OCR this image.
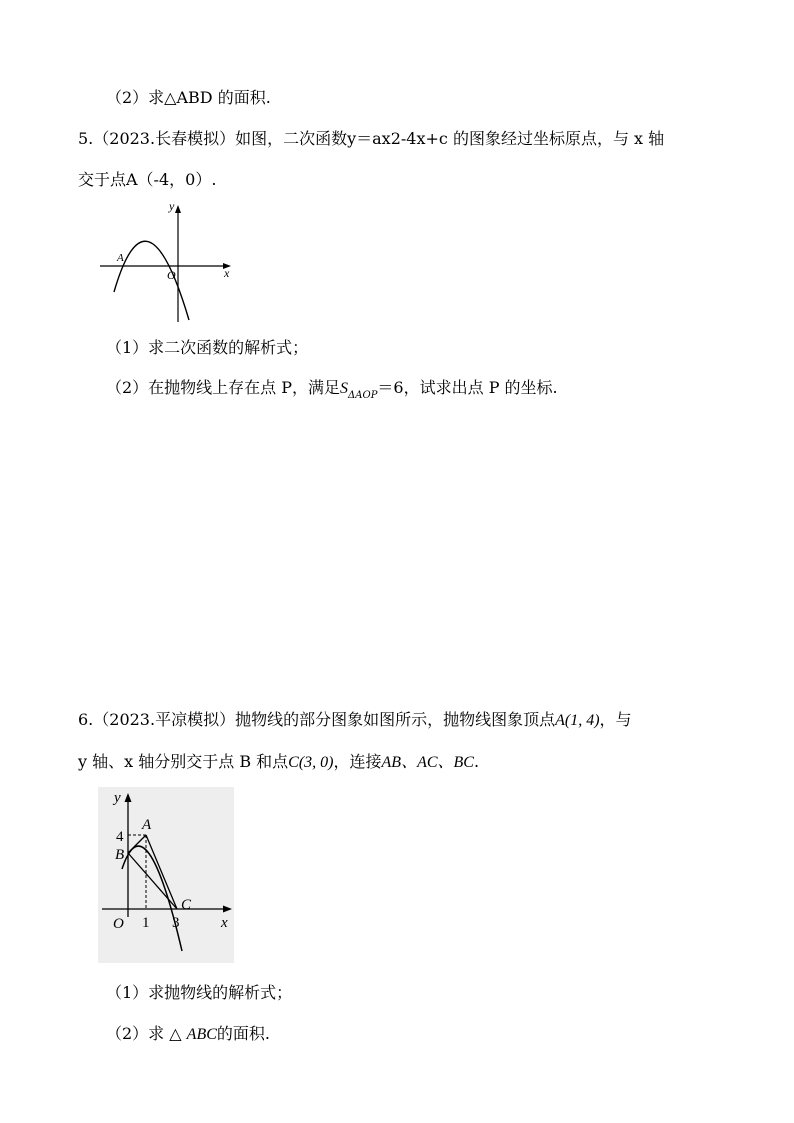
（2）求△ABD 的面积.
5.（2023.长春模拟）如图，二次函数y＝ax2-4x+c 的图象经过坐标原点，与 x 轴
交于点A（-4，0）.
y
x
O
A
（1）求二次函数的解析式；
（2）在抛物线上存在点 P，满足$S_{\Delta AOP}=6$，试求出点 P 的坐标.
6.（2023.平凉模拟）抛物线的部分图象如图所示，抛物线图象顶点A(1, 4)，与
y 轴、x 轴分别交于点 B 和点C(3, 0)，连接AB、AC、BC.
y
x
O
A
B
C
4
1 3
（1）求抛物线的解析式；
（2）求 △ ABC的面积.
